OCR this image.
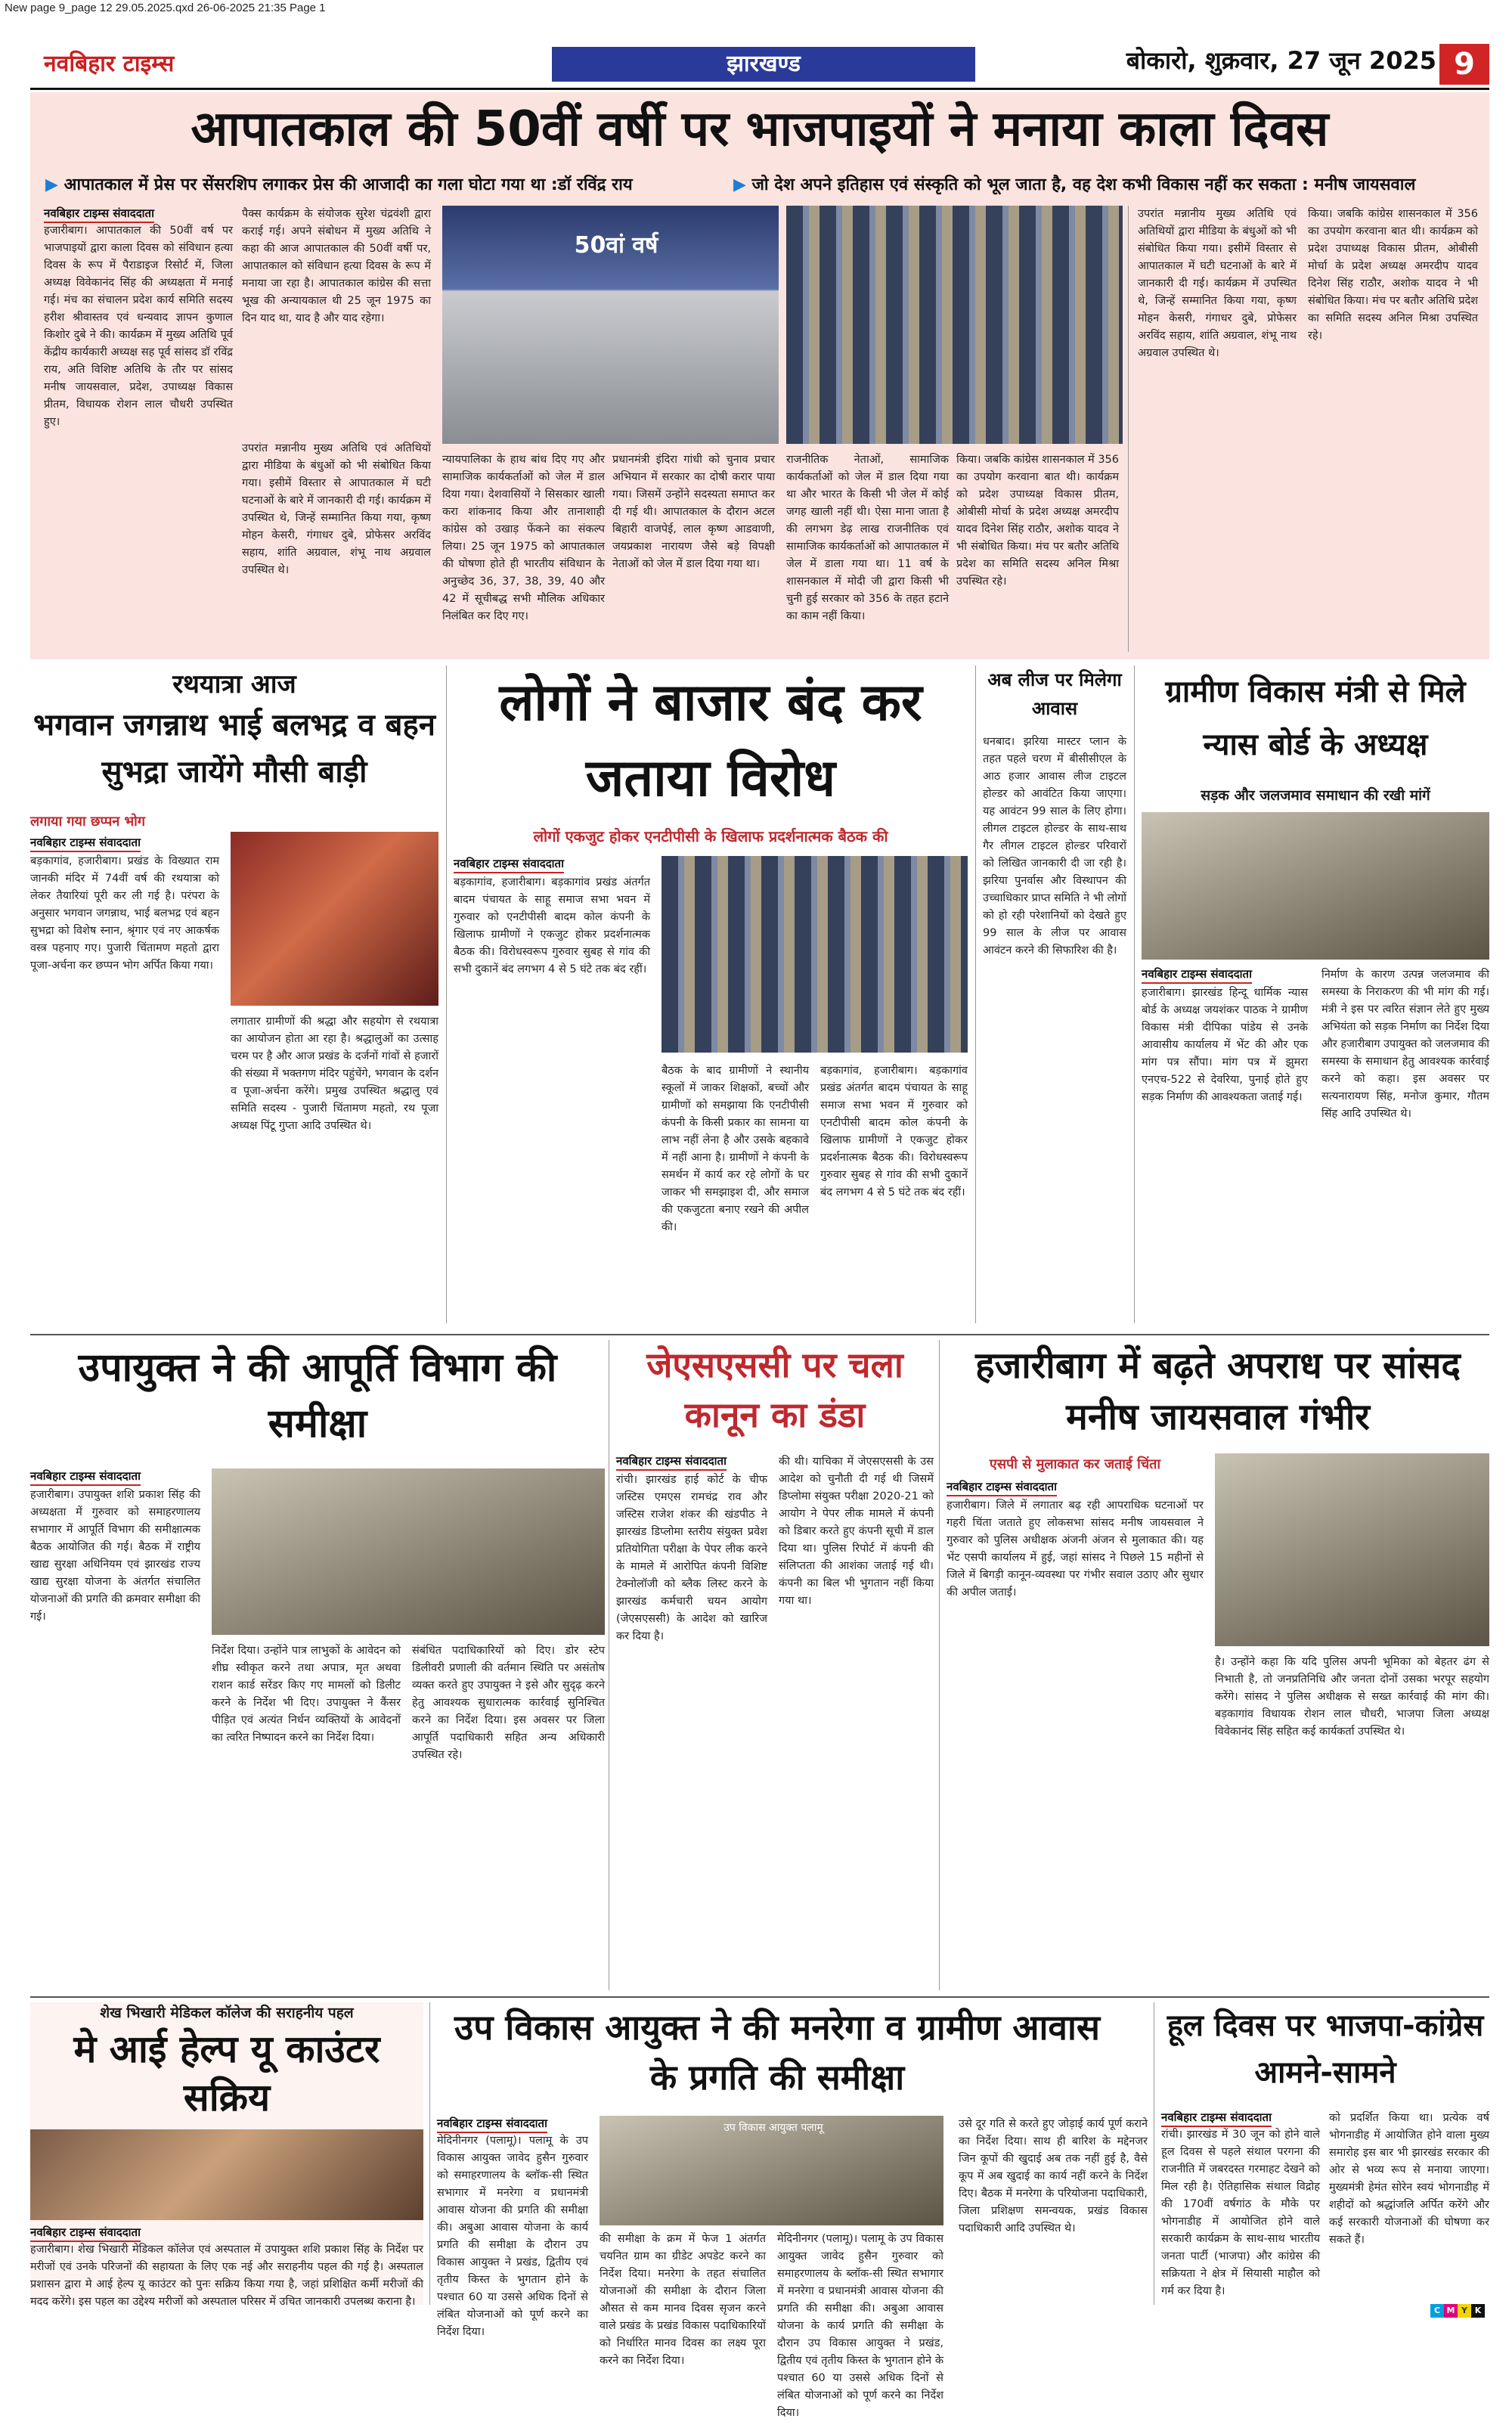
New page 9_page 12 29.05.2025.qxd 26-06-2025 21:35 Page 1
नवबिहार टाइम्स	झारखण्ड	बोकारो, शुक्रवार, 27 जून 2025 9
आपातकाल की 50वीं वर्षी पर भाजपाइयों ने मनाया काला दिवस
▶ आपातकाल में प्रेस पर सेंसरशिप लगाकर प्रेस की आजादी का गला घोटा गया था :डॉ रविंद्र राय	▶ जो देश अपने इतिहास एवं संस्कृति को भूल जाता है, वह देश कभी विकास नहीं कर सकता : मनीष जायसवाल
नवबिहार टाइम्स संवाददाता
हजारीबाग। आपातकाल की 50वीं वर्ष पर भाजपाइयों द्वारा काला दिवस को संविधान हत्या दिवस के रूप में पैराडाइज रिसोर्ट में, जिला अध्यक्ष विवेकानंद सिंह की अध्यक्षता में मनाई गई। मंच का संचालन प्रदेश कार्य समिति सदस्य हरीश श्रीवास्तव एवं धन्यवाद ज्ञापन कुणाल किशोर दुबे ने की। कार्यक्रम में मुख्य अतिथि पूर्व केंद्रीय कार्यकारी अध्यक्ष सह पूर्व सांसद डॉ रविंद्र राय, अति विशिष्ट अतिथि के तौर पर सांसद मनीष जायसवाल, प्रदेश, उपाध्यक्ष विकास प्रीतम, विधायक रोशन लाल चौधरी उपस्थित हुए।
पैक्स कार्यक्रम के संयोजक सुरेश चंद्रवंशी द्वारा कराई गई। अपने संबोधन में मुख्य अतिथि ने कहा की आज आपातकाल की 50वीं वर्षी पर, आपातकाल को संविधान हत्या दिवस के रूप में मनाया जा रहा है। आपातकाल कांग्रेस की सत्ता भूख की अन्यायकाल थी 25 जून 1975 का दिन याद था, याद है और याद रहेगा।
उपरांत मन्नानीय मुख्य अतिथि एवं अतिथियों द्वारा मीडिया के बंधुओं को भी संबोधित किया गया। इसीमें विस्तार से आपातकाल में घटी घटनाओं के बारे में जानकारी दी गई। कार्यक्रम में उपस्थित थे, जिन्हें सम्मानित किया गया, कृष्ण मोहन केसरी, गंगाधर दुबे, प्रोफेसर अरविंद सहाय, शांति अग्रवाल, शंभू नाथ अग्रवाल उपस्थित थे।
50वां वर्ष
न्यायपालिका के हाथ बांध दिए गए और सामाजिक कार्यकर्ताओं को जेल में डाल दिया गया। देशवासियों ने सिसकार खाली करा शांकनाद किया और तानाशाही कांग्रेस को उखाड़ फेंकने का संकल्प लिया। 25 जून 1975 को आपातकाल की घोषणा होते ही भारतीय संविधान के अनुच्छेद 36, 37, 38, 39, 40 और 42 में सूचीबद्ध सभी मौलिक अधिकार निलंबित कर दिए गए।
प्रधानमंत्री इंदिरा गांधी को चुनाव प्रचार अभियान में सरकार का दोषी करार पाया गया। जिसमें उन्होंने सदस्यता समाप्त कर दी गई थी। आपातकाल के दौरान अटल बिहारी वाजपेई, लाल कृष्ण आडवाणी, जयप्रकाश नारायण जैसे बड़े विपक्षी नेताओं को जेल में डाल दिया गया था।
राजनीतिक नेताओं, सामाजिक कार्यकर्ताओं को जेल में डाल दिया गया था और भारत के किसी भी जेल में कोई जगह खाली नहीं थी। ऐसा माना जाता है की लगभग डेढ़ लाख राजनीतिक एवं सामाजिक कार्यकर्ताओं को आपातकाल में जेल में डाला गया था। 11 वर्ष के शासनकाल में मोदी जी द्वारा किसी भी चुनी हुई सरकार को 356 के तहत हटाने का काम नहीं किया।
किया। जबकि कांग्रेस शासनकाल में 356 का उपयोग करवाना बात थी। कार्यक्रम को प्रदेश उपाध्यक्ष विकास प्रीतम, ओबीसी मोर्चा के प्रदेश अध्यक्ष अमरदीप यादव दिनेश सिंह राठौर, अशोक यादव ने भी संबोधित किया। मंच पर बतौर अतिथि प्रदेश का समिति सदस्य अनिल मिश्रा उपस्थित रहे।
उपरांत मन्नानीय मुख्य अतिथि एवं अतिथियों द्वारा मीडिया के बंधुओं को भी संबोधित किया गया। इसीमें विस्तार से आपातकाल में घटी घटनाओं के बारे में जानकारी दी गई। कार्यक्रम में उपस्थित थे, जिन्हें सम्मानित किया गया, कृष्ण मोहन केसरी, गंगाधर दुबे, प्रोफेसर अरविंद सहाय, शांति अग्रवाल, शंभू नाथ अग्रवाल उपस्थित थे।
किया। जबकि कांग्रेस शासनकाल में 356 का उपयोग करवाना बात थी। कार्यक्रम को प्रदेश उपाध्यक्ष विकास प्रीतम, ओबीसी मोर्चा के प्रदेश अध्यक्ष अमरदीप यादव दिनेश सिंह राठौर, अशोक यादव ने भी संबोधित किया। मंच पर बतौर अतिथि प्रदेश का समिति सदस्य अनिल मिश्रा उपस्थित रहे।
रथयात्रा आज
भगवान जगन्नाथ भाई बलभद्र व बहन सुभद्रा जायेंगे मौसी बाड़ी
लगाया गया छप्पन भोग
नवबिहार टाइम्स संवाददाता
बड़कागांव, हजारीबाग। प्रखंड के विख्यात राम जानकी मंदिर में 74वीं वर्ष की रथयात्रा को लेकर तैयारियां पूरी कर ली गई है। परंपरा के अनुसार भगवान जगन्नाथ, भाई बलभद्र एवं बहन सुभद्रा को विशेष स्नान, श्रृंगार एवं नए आकर्षक वस्त्र पहनाए गए। पुजारी चिंतामण महतो द्वारा पूजा-अर्चना कर छप्पन भोग अर्पित किया गया।
लगातार ग्रामीणों की श्रद्धा और सहयोग से रथयात्रा का आयोजन होता आ रहा है। श्रद्धालुओं का उत्साह चरम पर है और आज प्रखंड के दर्जनों गांवों से हजारों की संख्या में भक्तगण मंदिर पहुंचेंगे, भगवान के दर्शन व पूजा-अर्चना करेंगे। प्रमुख उपस्थित श्रद्धालु एवं समिति सदस्य - पुजारी चिंतामण महतो, रथ पूजा अध्यक्ष पिंटू गुप्ता आदि उपस्थित थे।
लोगों ने बाजार बंद कर जताया विरोध
लोगों एकजुट होकर एनटीपीसी के खिलाफ प्रदर्शनात्मक बैठक की
नवबिहार टाइम्स संवाददाता
बड़कागांव, हजारीबाग। बड़कागांव प्रखंड अंतर्गत बादम पंचायत के साहू समाज सभा भवन में गुरुवार को एनटीपीसी बादम कोल कंपनी के खिलाफ ग्रामीणों ने एकजुट होकर प्रदर्शनात्मक बैठक की। विरोधस्वरूप गुरुवार सुबह से गांव की सभी दुकानें बंद लगभग 4 से 5 घंटे तक बंद रहीं।
बैठक के बाद ग्रामीणों ने स्थानीय स्कूलों में जाकर शिक्षकों, बच्चों और ग्रामीणों को समझाया कि एनटीपीसी कंपनी के किसी प्रकार का सामना या लाभ नहीं लेना है और उसके बहकावे में नहीं आना है। ग्रामीणों ने कंपनी के समर्थन में कार्य कर रहे लोगों के घर जाकर भी समझाइश दी, और समाज की एकजुटता बनाए रखने की अपील की।
बड़कागांव, हजारीबाग। बड़कागांव प्रखंड अंतर्गत बादम पंचायत के साहू समाज सभा भवन में गुरुवार को एनटीपीसी बादम कोल कंपनी के खिलाफ ग्रामीणों ने एकजुट होकर प्रदर्शनात्मक बैठक की। विरोधस्वरूप गुरुवार सुबह से गांव की सभी दुकानें बंद लगभग 4 से 5 घंटे तक बंद रहीं।
अब लीज पर मिलेगा आवास
धनबाद। झरिया मास्टर प्लान के तहत पहले चरण में बीसीसीएल के आठ हजार आवास लीज टाइटल होल्डर को आवंटित किया जाएगा। यह आवंटन 99 साल के लिए होगा। लीगल टाइटल होल्डर के साथ-साथ गैर लीगल टाइटल होल्डर परिवारों को लिखित जानकारी दी जा रही है। झरिया पुनर्वास और विस्थापन की उच्चाधिकार प्राप्त समिति ने भी लोगों को हो रही परेशानियों को देखते हुए 99 साल के लीज पर आवास आवंटन करने की सिफारिश की है।
ग्रामीण विकास मंत्री से मिले न्यास बोर्ड के अध्यक्ष
सड़क और जलजमाव समाधान की रखी मांगें
नवबिहार टाइम्स संवाददाता
हजारीबाग। झारखंड हिन्दू धार्मिक न्यास बोर्ड के अध्यक्ष जयशंकर पाठक ने ग्रामीण विकास मंत्री दीपिका पांडेय से उनके आवासीय कार्यालय में भेंट की और एक मांग पत्र सौंपा। मांग पत्र में झुमरा एनएच-522 से देवरिया, पुनाई होते हुए सड़क निर्माण की आवश्यकता जताई गई।
निर्माण के कारण उत्पन्न जलजमाव की समस्या के निराकरण की भी मांग की गई। मंत्री ने इस पर त्वरित संज्ञान लेते हुए मुख्य अभियंता को सड़क निर्माण का निर्देश दिया और हजारीबाग उपायुक्त को जलजमाव की समस्या के समाधान हेतु आवश्यक कार्रवाई करने को कहा। इस अवसर पर सत्यनारायण सिंह, मनोज कुमार, गौतम सिंह आदि उपस्थित थे।
उपायुक्त ने की आपूर्ति विभाग की समीक्षा
नवबिहार टाइम्स संवाददाता
हजारीबाग। उपायुक्त शशि प्रकाश सिंह की अध्यक्षता में गुरुवार को समाहरणालय सभागार में आपूर्ति विभाग की समीक्षात्मक बैठक आयोजित की गई। बैठक में राष्ट्रीय खाद्य सुरक्षा अधिनियम एवं झारखंड राज्य खाद्य सुरक्षा योजना के अंतर्गत संचालित योजनाओं की प्रगति की क्रमवार समीक्षा की गई।
निर्देश दिया। उन्होंने पात्र लाभुकों के आवेदन को शीघ्र स्वीकृत करने तथा अपात्र, मृत अथवा राशन कार्ड सरेंडर किए गए मामलों को डिलीट करने के निर्देश भी दिए। उपायुक्त ने कैंसर पीड़ित एवं अत्यंत निर्धन व्यक्तियों के आवेदनों का त्वरित निष्पादन करने का निर्देश दिया।
संबंधित पदाधिकारियों को दिए। डोर स्टेप डिलीवरी प्रणाली की वर्तमान स्थिति पर असंतोष व्यक्त करते हुए उपायुक्त ने इसे और सुदृढ़ करने हेतु आवश्यक सुधारात्मक कार्रवाई सुनिश्चित करने का निर्देश दिया। इस अवसर पर जिला आपूर्ति पदाधिकारी सहित अन्य अधिकारी उपस्थित रहे।
जेएसएससी पर चला कानून का डंडा
नवबिहार टाइम्स संवाददाता
रांची। झारखंड हाई कोर्ट के चीफ जस्टिस एमएस रामचंद्र राव और जस्टिस राजेश शंकर की खंडपीठ ने झारखंड डिप्लोमा स्तरीय संयुक्त प्रवेश प्रतियोगिता परीक्षा के पेपर लीक करने के मामले में आरोपित कंपनी विशिष्ट टेक्नोलॉजी को ब्लैक लिस्ट करने के झारखंड कर्मचारी चयन आयोग (जेएसएससी) के आदेश को खारिज कर दिया है।
की थी। याचिका में जेएसएससी के उस आदेश को चुनौती दी गई थी जिसमें डिप्लोमा संयुक्त परीक्षा 2020-21 को आयोग ने पेपर लीक मामले में कंपनी को डिबार करते हुए कंपनी सूची में डाल दिया था। पुलिस रिपोर्ट में कंपनी की संलिप्तता की आशंका जताई गई थी। कंपनी का बिल भी भुगतान नहीं किया गया था।
हजारीबाग में बढ़ते अपराध पर सांसद मनीष जायसवाल गंभीर
एसपी से मुलाकात कर जताई चिंता
नवबिहार टाइम्स संवाददाता
हजारीबाग। जिले में लगातार बढ़ रही आपराधिक घटनाओं पर गहरी चिंता जताते हुए लोकसभा सांसद मनीष जायसवाल ने गुरुवार को पुलिस अधीक्षक अंजनी अंजन से मुलाकात की। यह भेंट एसपी कार्यालय में हुई, जहां सांसद ने पिछले 15 महीनों से जिले में बिगड़ी कानून-व्यवस्था पर गंभीर सवाल उठाए और सुधार की अपील जताई।
है। उन्होंने कहा कि यदि पुलिस अपनी भूमिका को बेहतर ढंग से निभाती है, तो जनप्रतिनिधि और जनता दोनों उसका भरपूर सहयोग करेंगे। सांसद ने पुलिस अधीक्षक से सख्त कार्रवाई की मांग की। बड़कागांव विधायक रोशन लाल चौधरी, भाजपा जिला अध्यक्ष विवेकानंद सिंह सहित कई कार्यकर्ता उपस्थित थे।
शेख भिखारी मेडिकल कॉलेज की सराहनीय पहल
मे आई हेल्प यू काउंटर सक्रिय
नवबिहार टाइम्स संवाददाता
हजारीबाग। शेख भिखारी मेडिकल कॉलेज एवं अस्पताल में उपायुक्त शशि प्रकाश सिंह के निर्देश पर मरीजों एवं उनके परिजनों की सहायता के लिए एक नई और सराहनीय पहल की गई है। अस्पताल प्रशासन द्वारा मे आई हेल्प यू काउंटर को पुनः सक्रिय किया गया है, जहां प्रशिक्षित कर्मी मरीजों की मदद करेंगे। इस पहल का उद्देश्य मरीजों को अस्पताल परिसर में उचित जानकारी उपलब्ध कराना है।
उप विकास आयुक्त ने की मनरेगा व ग्रामीण आवास के प्रगति की समीक्षा
नवबिहार टाइम्स संवाददाता
मेदिनीनगर (पलामू)। पलामू के उप विकास आयुक्त जावेद हुसैन गुरुवार को समाहरणालय के ब्लॉक-सी स्थित सभागार में मनरेगा व प्रधानमंत्री आवास योजना की प्रगति की समीक्षा की। अबुआ आवास योजना के कार्य प्रगति की समीक्षा के दौरान उप विकास आयुक्त ने प्रखंड, द्वितीय एवं तृतीय किस्त के भुगतान होने के पश्चात 60 या उससे अधिक दिनों से लंबित योजनाओं को पूर्ण करने का निर्देश दिया।
उप विकास आयुक्त पलामू
की समीक्षा के क्रम में फेज 1 अंतर्गत चयनित ग्राम का ग्रीडेट अपडेट करने का निर्देश दिया। मनरेगा के तहत संचालित योजनाओं की समीक्षा के दौरान जिला औसत से कम मानव दिवस सृजन करने वाले प्रखंड के प्रखंड विकास पदाधिकारियों को निर्धारित मानव दिवस का लक्ष्य पूरा करने का निर्देश दिया।
मेदिनीनगर (पलामू)। पलामू के उप विकास आयुक्त जावेद हुसैन गुरुवार को समाहरणालय के ब्लॉक-सी स्थित सभागार में मनरेगा व प्रधानमंत्री आवास योजना की प्रगति की समीक्षा की। अबुआ आवास योजना के कार्य प्रगति की समीक्षा के दौरान उप विकास आयुक्त ने प्रखंड, द्वितीय एवं तृतीय किस्त के भुगतान होने के पश्चात 60 या उससे अधिक दिनों से लंबित योजनाओं को पूर्ण करने का निर्देश दिया।
उसे दूर गति से करते हुए जोड़ाई कार्य पूर्ण कराने का निर्देश दिया। साथ ही बारिश के मद्देनजर जिन कूपों की खुदाई अब तक नहीं हुई है, वैसे कूप में अब खुदाई का कार्य नहीं करने के निर्देश दिए। बैठक में मनरेगा के परियोजना पदाधिकारी, जिला प्रशिक्षण समन्वयक, प्रखंड विकास पदाधिकारी आदि उपस्थित थे।
हूल दिवस पर भाजपा-कांग्रेस आमने-सामने
नवबिहार टाइम्स संवाददाता
रांची। झारखंड में 30 जून को होने वाले हूल दिवस से पहले संथाल परगना की राजनीति में जबरदस्त गरमाहट देखने को मिल रही है। ऐतिहासिक संथाल विद्रोह की 170वीं वर्षगांठ के मौके पर भोगनाडीह में आयोजित होने वाले सरकारी कार्यक्रम के साथ-साथ भारतीय जनता पार्टी (भाजपा) और कांग्रेस की सक्रियता ने क्षेत्र में सियासी माहौल को गर्म कर दिया है।
को प्रदर्शित किया था। प्रत्येक वर्ष भोगनाडीह में आयोजित होने वाला मुख्य समारोह इस बार भी झारखंड सरकार की ओर से भव्य रूप से मनाया जाएगा। मुख्यमंत्री हेमंत सोरेन स्वयं भोगनाडीह में शहीदों को श्रद्धांजलि अर्पित करेंगे और कई सरकारी योजनाओं की घोषणा कर सकते हैं।
C M Y K
